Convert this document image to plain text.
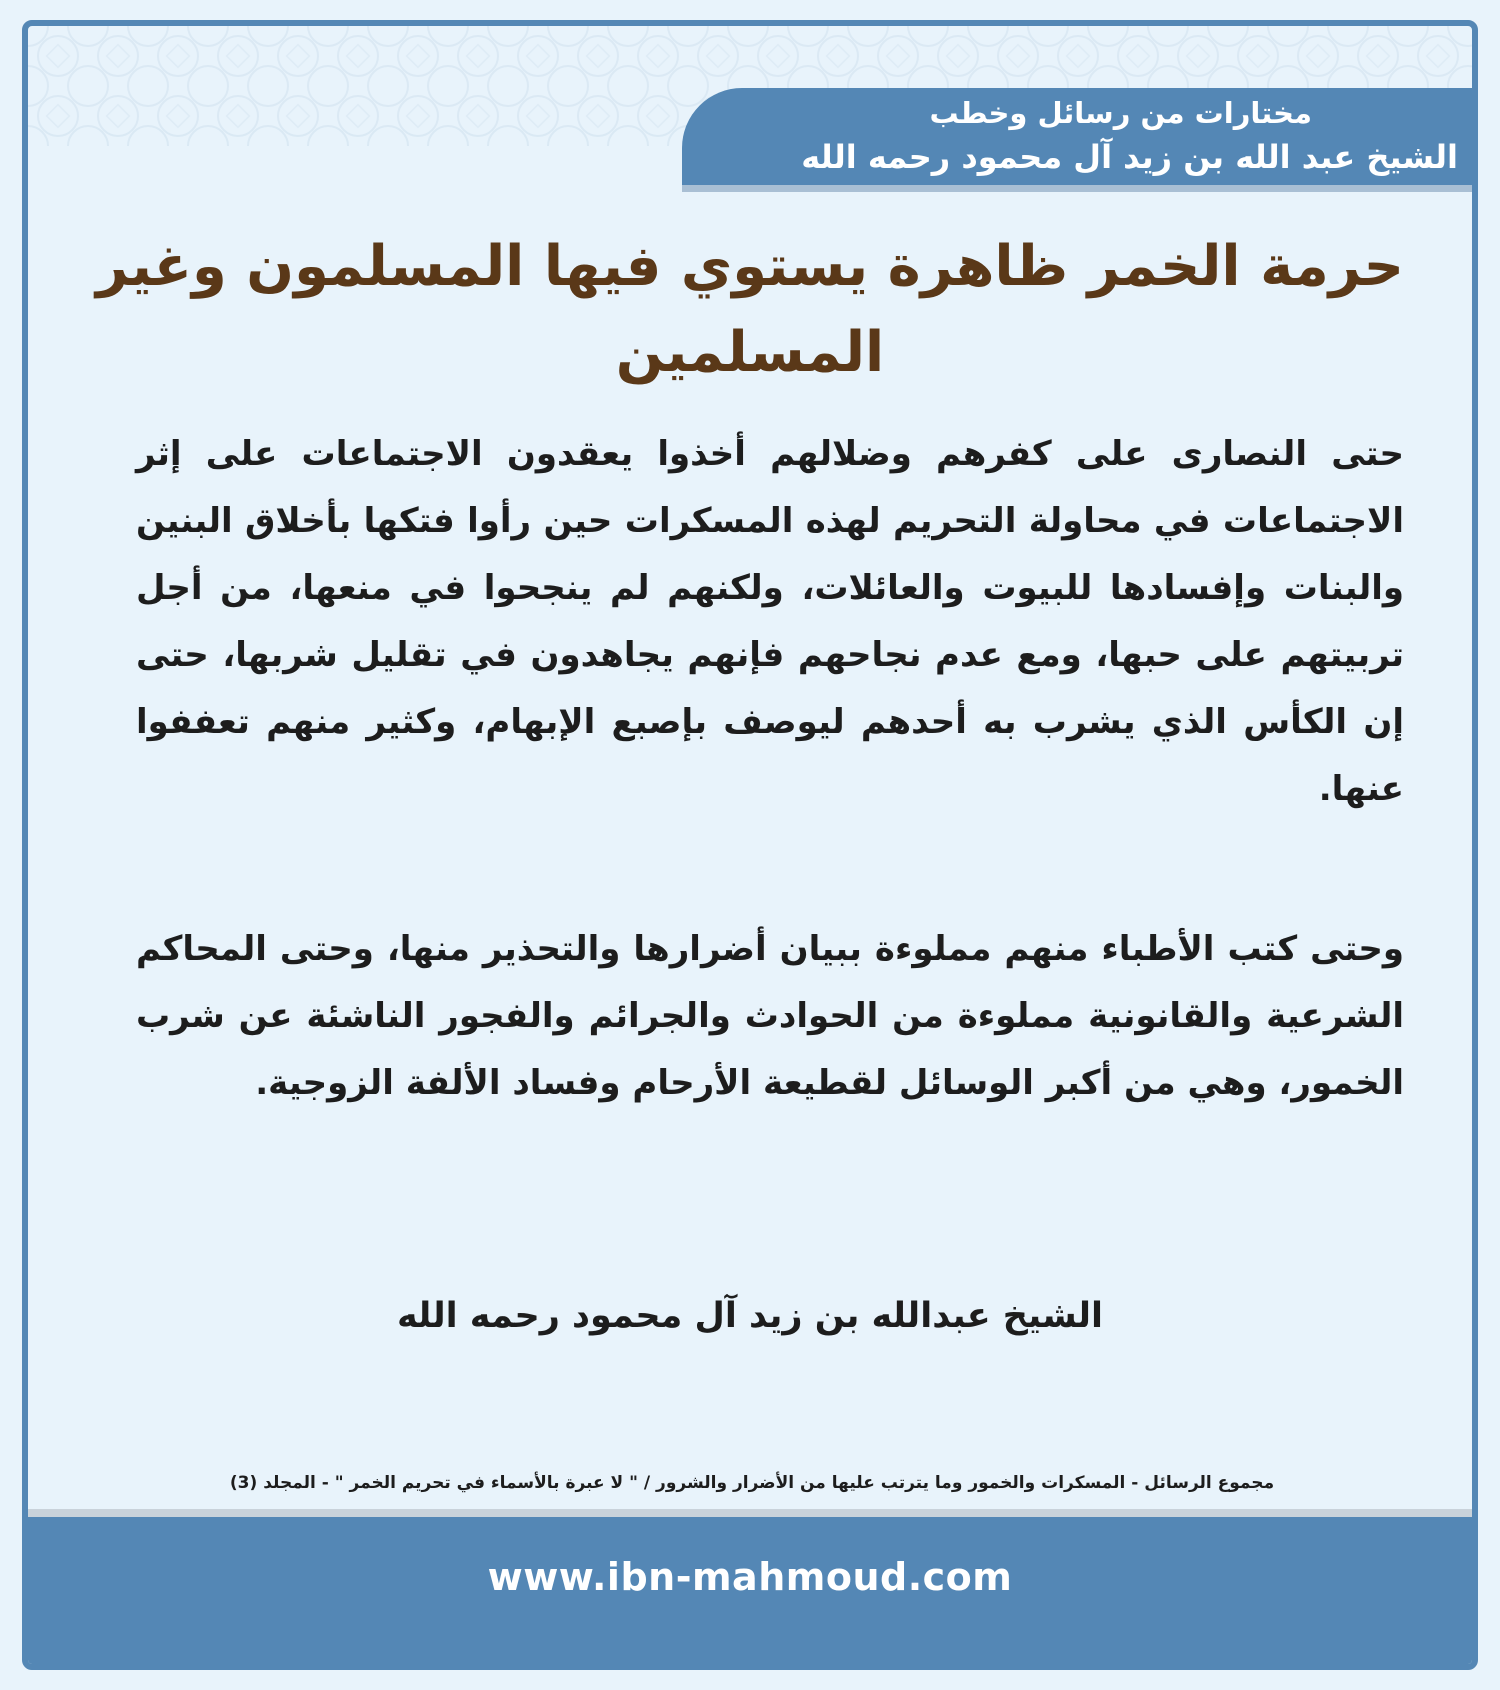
مختارات من رسائل وخطب
الشيخ عبد الله بن زيد آل محمود رحمه الله
حرمة الخمر ظاهرة يستوي فيها المسلمون وغير المسلمين

حتى النصارى على كفرهم وضلالهم أخذوا يعقدون الاجتماعات على إثر الاجتماعات في محاولة التحريم لهذه المسكرات حين رأوا فتكها بأخلاق البنين والبنات وإفسادها للبيوت والعائلات، ولكنهم لم ينجحوا في منعها، من أجل تربيتهم على حبها، ومع عدم نجاحهم فإنهم يجاهدون في تقليل شربها، حتى إن الكأس الذي يشرب به أحدهم ليوصف بإصبع الإبهام، وكثير منهم تعففوا عنها.

وحتى كتب الأطباء منهم مملوءة ببيان أضرارها والتحذير منها، وحتى المحاكم الشرعية والقانونية مملوءة من الحوادث والجرائم والفجور الناشئة عن شرب الخمور، وهي من أكبر الوسائل لقطيعة الأرحام وفساد الألفة الزوجية.

الشيخ عبدالله بن زيد آل محمود رحمه الله

مجموع الرسائل - المسكرات والخمور وما يترتب عليها من الأضرار والشرور / " لا عبرة بالأسماء في تحريم الخمر " - المجلد (3)

www.ibn-mahmoud.com
